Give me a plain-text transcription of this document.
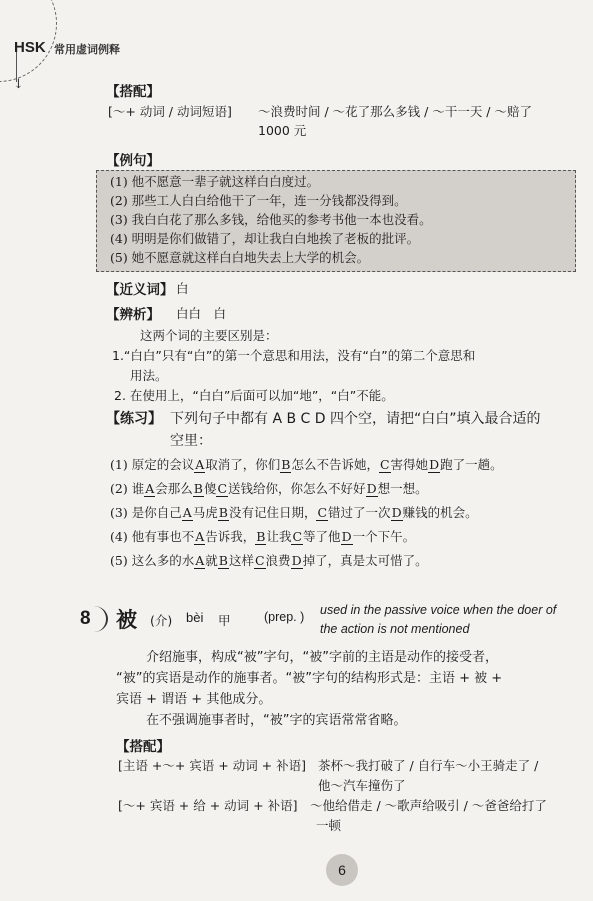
HSK 常用虚词例释
↓	【搭配】
[～+ 动词 / 动词短语] ～浪费时间 / ～花了那么多钱 / ～干一天 / ～赔了
1000 元
【例句】
(1) 他不愿意一辈子就这样白白度过。
(2) 那些工人白白给他干了一年，连一分钱都没得到。
(3) 我白白花了那么多钱，给他买的参考书他一本也没看。
(4) 明明是你们做错了，却让我白白地挨了老板的批评。
(5) 她不愿意就这样白白地失去上大学的机会。
【近义词】 白
【辨析】 白白　白
这两个词的主要区别是：
1.“白白”只有“白”的第一个意思和用法，没有“白”的第二个意思和
用法。
2. 在使用上，“白白”后面可以加“地”，“白”不能。
【练习】 下列句子中都有 A B C D 四个空，请把“白白”填入最合适的
空里：
(1) 原定的会议A取消了，你们B怎么不告诉她，C害得她D跑了一趟。
(2) 谁A会那么B傻C送钱给你，你怎么不好好D想一想。
(3) 是你自己A马虎B没有记住日期，C错过了一次D赚钱的机会。
(4) 他有事也不A告诉我，B让我C等了他D一个下午。
(5) 这么多的水A就B这样C浪费D掉了，真是太可惜了。
8	被 (介) bèi 甲	(prep. ) used in the passive voice when the doer of
the action is not mentioned
介绍施事，构成“被”字句，“被”字前的主语是动作的接受者，
“被”的宾语是动作的施事者。“被”字句的结构形式是：主语 + 被 +
宾语 + 谓语 + 其他成分。
在不强调施事者时，“被”字的宾语常常省略。
【搭配】
[主语 +～+ 宾语 + 动词 + 补语] 茶杯～我打破了 / 自行车～小王骑走了 /
他～汽车撞伤了
[～+ 宾语 + 给 + 动词 + 补语] ～他给借走 / ～歌声给吸引 / ～爸爸给打了
一顿
6
